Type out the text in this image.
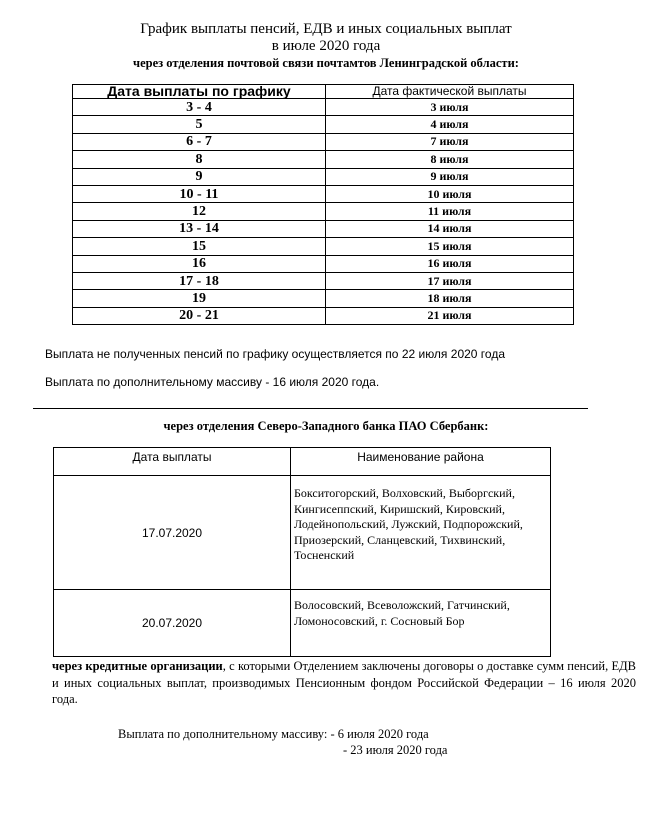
График выплаты пенсий, ЕДВ и иных социальных выплат
в июле 2020 года
через отделения почтовой связи почтамтов Ленинградской области:
Дата выплаты по графику	Дата фактической выплаты
3 - 4	3 июля
5	4 июля
6 - 7	7 июля
8	8 июля
9	9 июля
10 - 11	10 июля
12	11 июля
13 - 14	14 июля
15	15 июля
16	16 июля
17 - 18	17 июля
19	18 июля
20 - 21	21 июля
Выплата не полученных пенсий по графику осуществляется по 22 июля 2020 года
Выплата по дополнительному массиву - 16 июля 2020 года.
через отделения Северо-Западного банка ПАО Сбербанк:
Дата выплаты	Наименование района
17.07.2020	Бокситогорский, Волховский, Выборгский, Кингисеппский, Киришский, Кировский, Лодейнопольский, Лужский, Подпорожский, Приозерский, Сланцевский, Тихвинский, Тосненский
20.07.2020	Волосовский, Всеволожский, Гатчинский, Ломоносовский, г. Сосновый Бор
через кредитные организации, с которыми Отделением заключены договоры о доставке сумм пенсий, ЕДВ и иных социальных выплат, производимых Пенсионным фондом Российской Федерации – 16 июля 2020 года.
Выплата по дополнительному массиву: - 6 июля 2020 года
- 23 июля 2020 года
